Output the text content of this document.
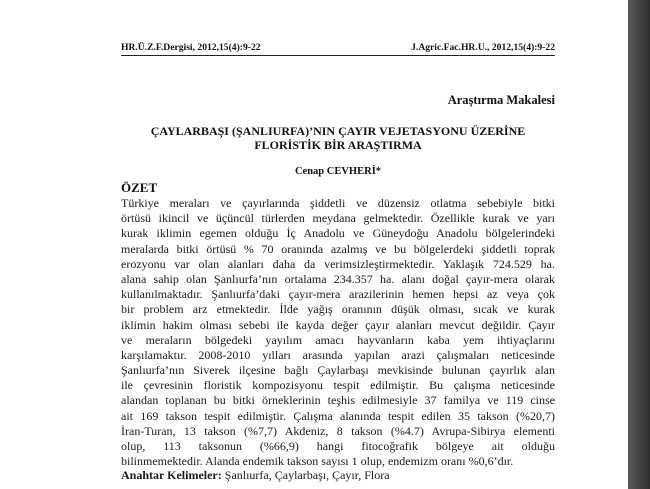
HR.Ü.Z.F.Dergisi, 2012,15(4):9-22	J.Agric.Fac.HR.U., 2012,15(4):9-22
Araştırma Makalesi
ÇAYLARBAŞI (ŞANLIURFA)’NIN ÇAYIR VEJETASYONU ÜZERİNE
FLORİSTİK BİR ARAŞTIRMA
Cenap CEVHERİ*
ÖZET
Türkiye meraları ve çayırlarında şiddetli ve düzensiz otlatma sebebiyle bitki
örtüsü ikincil ve üçüncül türlerden meydana gelmektedir. Özellikle kurak ve yarı
kurak iklimin egemen olduğu İç Anadolu ve Güneydoğu Anadolu bölgelerindeki
meralarda bitki örtüsü % 70 oranında azalmış ve bu bölgelerdeki şiddetli toprak
erozyonu var olan alanları daha da verimsizleştirmektedir. Yaklaşık 724.529 ha.
alana sahip olan Şanlıurfa’nın ortalama 234.357 ha. alanı doğal çayır-mera olarak
kullanılmaktadır. Şanlıurfa’daki çayır-mera arazilerinin hemen hepsi az veya çok
bir problem arz etmektedir. İlde yağış oranının düşük olması, sıcak ve kurak
iklimin hakim olması sebebi ile kayda değer çayır alanları mevcut değildir. Çayır
ve meraların bölgedeki yayılım amacı hayvanların kaba yem ihtiyaçlarını
karşılamaktır. 2008-2010 yılları arasında yapılan arazi çalışmaları neticesinde
Şanlıurfa’nın Siverek ilçesine bağlı Çaylarbaşı mevkisinde bulunan çayırlık alan
ile çevresinin floristik kompozisyonu tespit edilmiştir. Bu çalışma neticesinde
alandan toplanan bu bitki örneklerinin teşhis edilmesiyle 37 familya ve 119 cinse
ait 169 takson tespit edilmiştir. Çalışma alanında tespit edilen 35 takson (%20,7)
İran-Turan, 13 takson (%7,7) Akdeniz, 8 takson (%4.7) Avrupa-Sibirya elementi
olup, 113 taksonun (%66,9) hangi fitocoğrafik bölgeye ait olduğu
bilinmemektedir. Alanda endemik takson sayısı 1 olup, endemizm oranı %0,6’dır.
Anahtar Kelimeler: Şanlıurfa, Çaylarbaşı, Çayır, Flora
